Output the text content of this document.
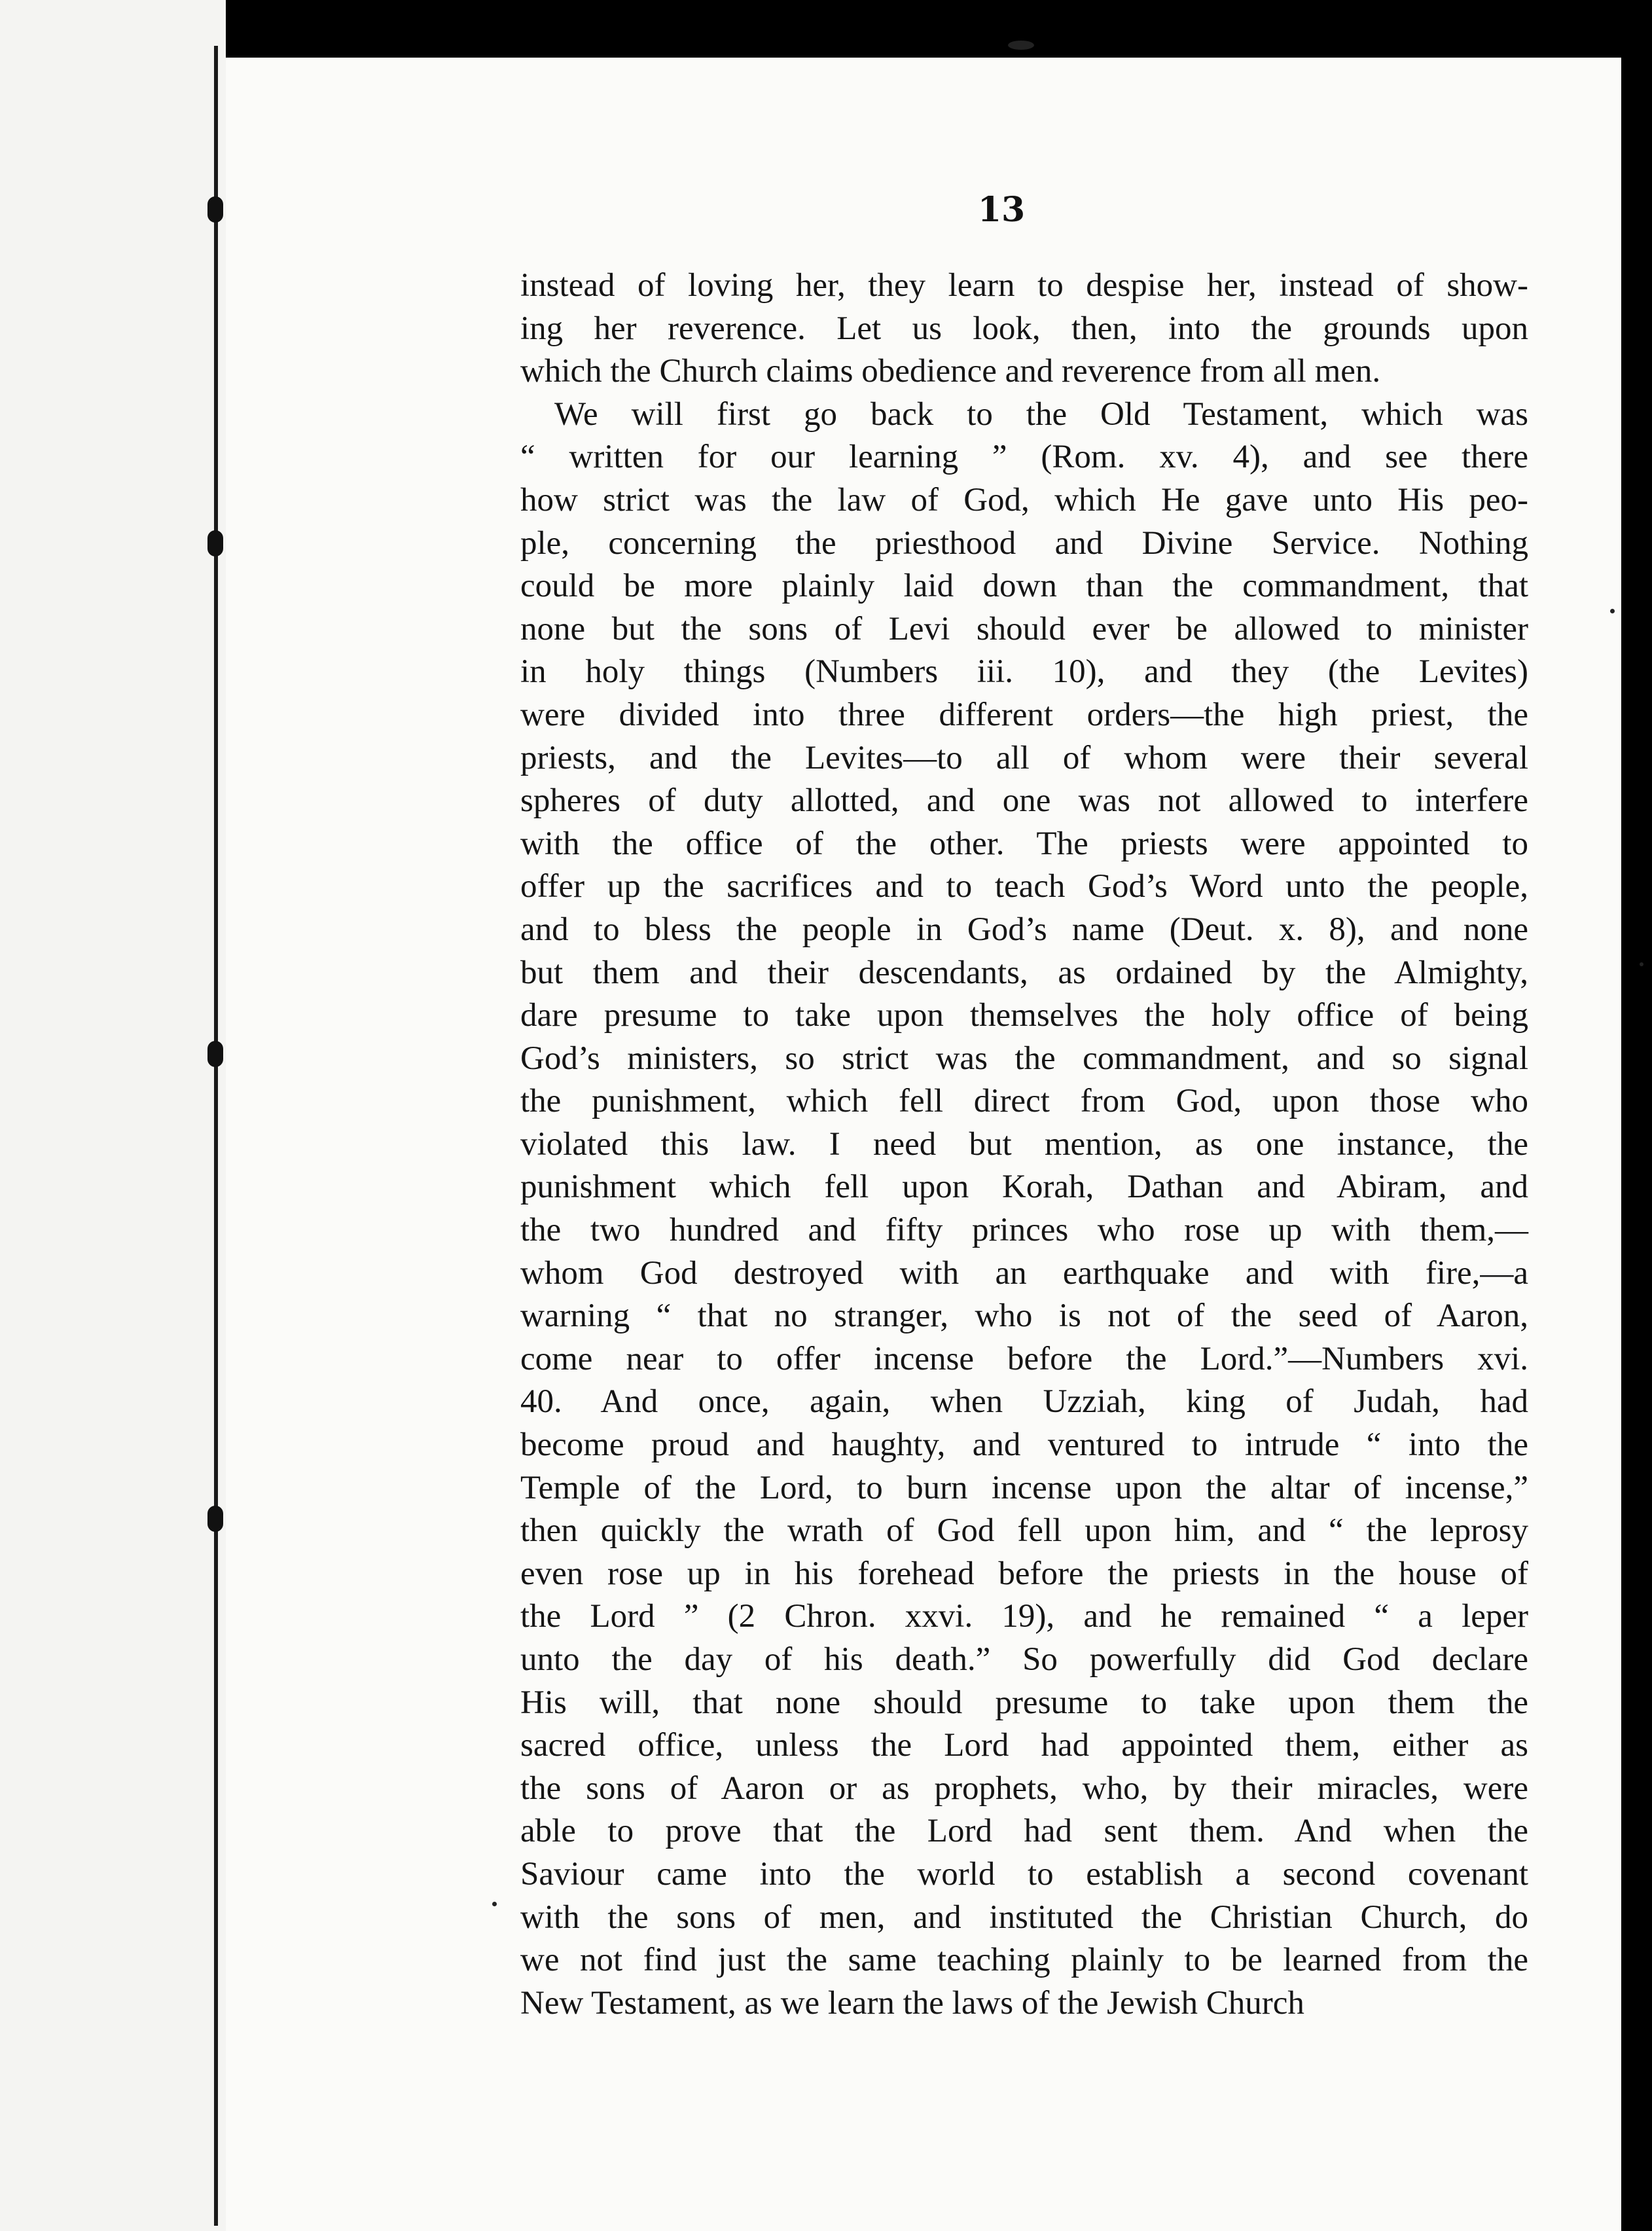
13
instead of loving her, they learn to despise her, instead of show-
ing her reverence. Let us look, then, into the grounds upon
which the Church claims obedience and reverence from all men.
We will first go back to the Old Testament, which was
“ written for our learning ” (Rom. xv. 4), and see there
how strict was the law of God, which He gave unto His peo-
ple, concerning the priesthood and Divine Service. Nothing
could be more plainly laid down than the commandment, that
none but the sons of Levi should ever be allowed to minister
in holy things (Numbers iii. 10), and they (the Levites)
were divided into three different orders—the high priest, the
priests, and the Levites—to all of whom were their several
spheres of duty allotted, and one was not allowed to interfere
with the office of the other. The priests were appointed to
offer up the sacrifices and to teach God’s Word unto the people,
and to bless the people in God’s name (Deut. x. 8), and none
but them and their descendants, as ordained by the Almighty,
dare presume to take upon themselves the holy office of being
God’s ministers, so strict was the commandment, and so signal
the punishment, which fell direct from God, upon those who
violated this law. I need but mention, as one instance, the
punishment which fell upon Korah, Dathan and Abiram, and
the two hundred and fifty princes who rose up with them,—
whom God destroyed with an earthquake and with fire,—a
warning “ that no stranger, who is not of the seed of Aaron,
come near to offer incense before the Lord.”—Numbers xvi.
40. And once, again, when Uzziah, king of Judah, had
become proud and haughty, and ventured to intrude “ into the
Temple of the Lord, to burn incense upon the altar of incense,”
then quickly the wrath of God fell upon him, and “ the leprosy
even rose up in his forehead before the priests in the house of
the Lord ” (2 Chron. xxvi. 19), and he remained “ a leper
unto the day of his death.” So powerfully did God declare
His will, that none should presume to take upon them the
sacred office, unless the Lord had appointed them, either as
the sons of Aaron or as prophets, who, by their miracles, were
able to prove that the Lord had sent them. And when the
Saviour came into the world to establish a second covenant
with the sons of men, and instituted the Christian Church, do
we not find just the same teaching plainly to be learned from the
New Testament, as we learn the laws of the Jewish Church
